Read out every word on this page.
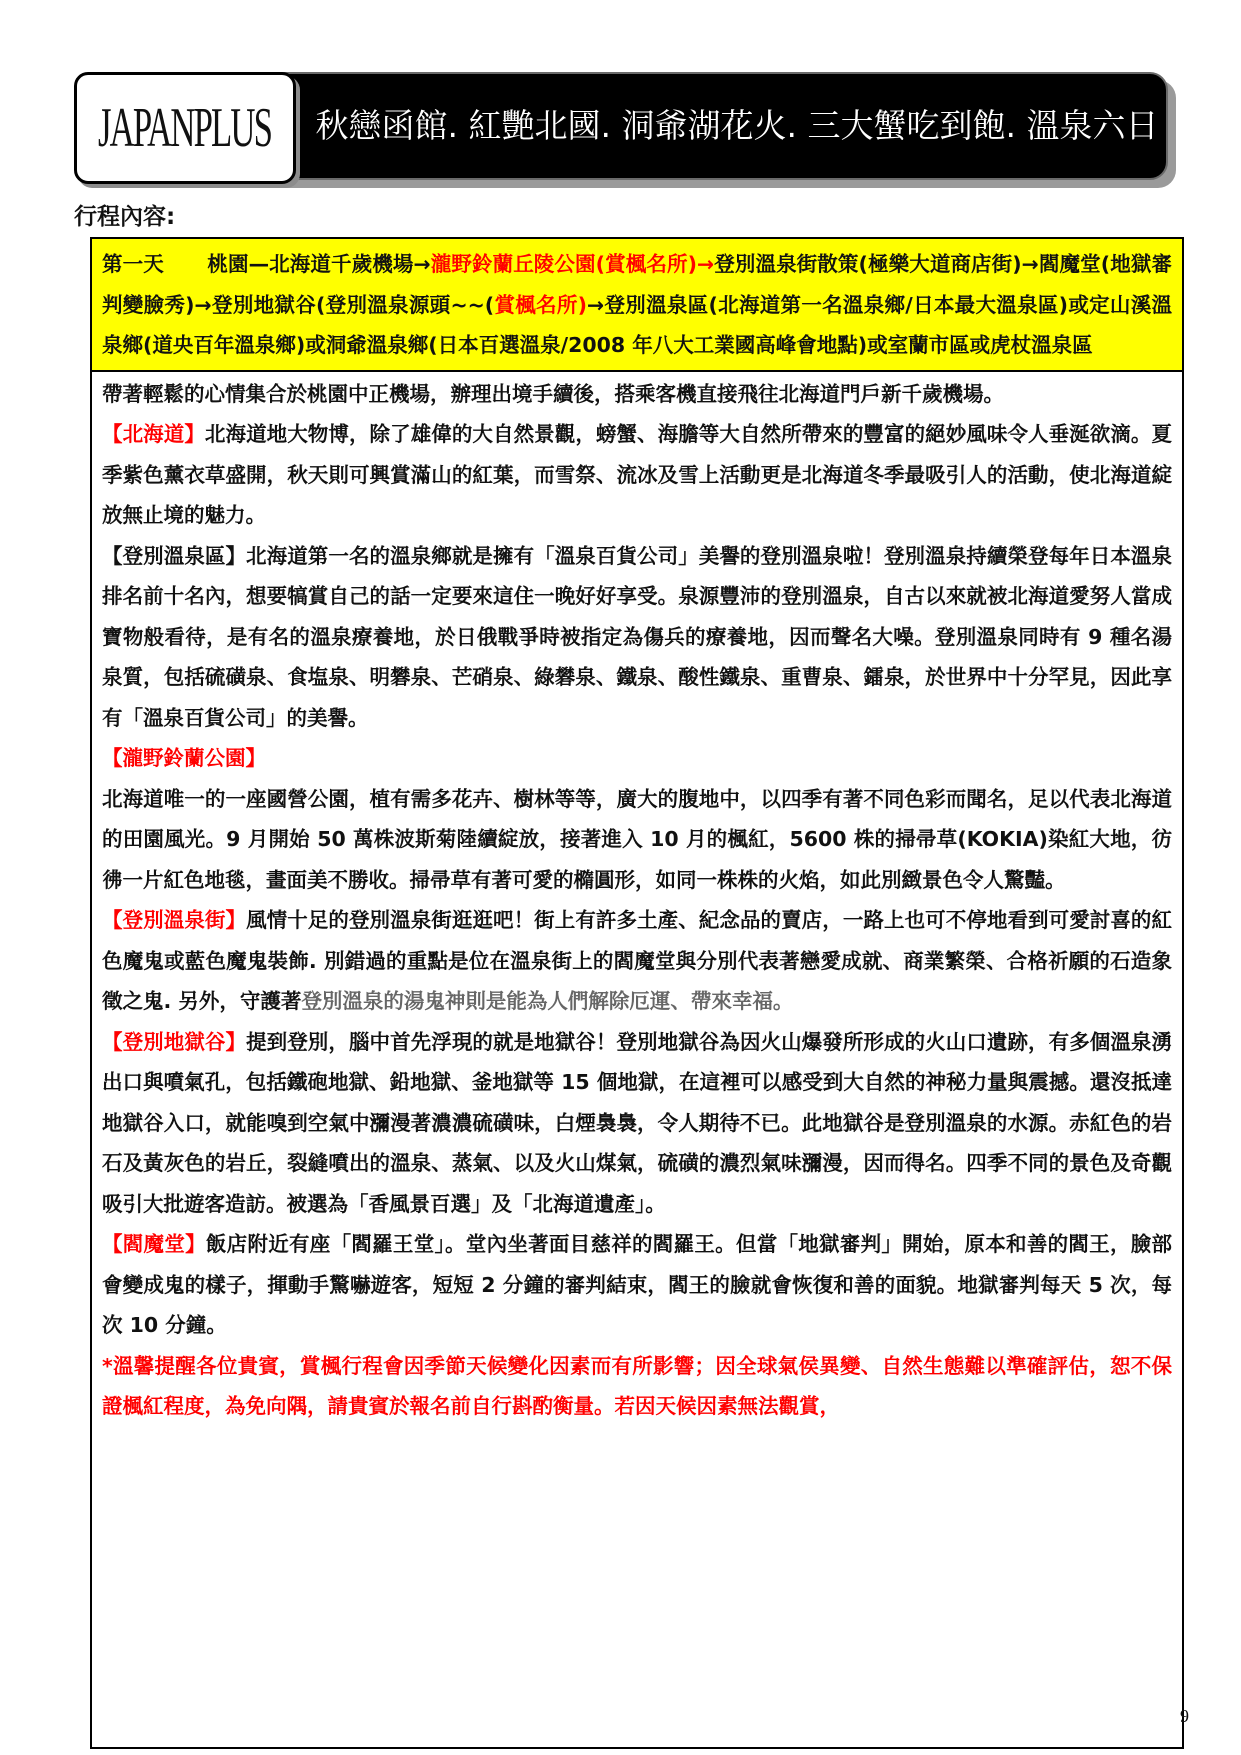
JAPANPLUS 秋戀函館. 紅艷北國. 洞爺湖花火. 三大蟹吃到飽. 溫泉六日
行程內容:
第一天 桃園—北海道千歲機場→瀧野鈴蘭丘陵公園(賞楓名所)→登別溫泉街散策(極樂大道商店街)→閻魔堂(地獄審判變臉秀)→登別地獄谷(登別溫泉源頭~~(賞楓名所)→登別溫泉區(北海道第一名溫泉鄉/日本最大溫泉區)或定山溪溫泉鄉(道央百年溫泉鄉)或洞爺溫泉鄉(日本百選溫泉/2008 年八大工業國高峰會地點)或室蘭市區或虎杖溫泉區

帶著輕鬆的心情集合於桃園中正機場，辦理出境手續後，搭乘客機直接飛往北海道門戶新千歲機場。

【北海道】北海道地大物博，除了雄偉的大自然景觀，螃蟹、海膽等大自然所帶來的豐富的絕妙風味令人垂涎欲滴。夏季紫色薰衣草盛開，秋天則可興賞滿山的紅葉，而雪祭、流冰及雪上活動更是北海道冬季最吸引人的活動，使北海道綻放無止境的魅力。

【登別溫泉區】北海道第一名的溫泉鄉就是擁有「溫泉百貨公司」美譽的登別溫泉啦！登別溫泉持續榮登每年日本溫泉排名前十名內，想要犒賞自己的話一定要來這住一晚好好享受。泉源豐沛的登別溫泉，自古以來就被北海道愛努人當成寶物般看待，是有名的溫泉療養地，於日俄戰爭時被指定為傷兵的療養地，因而聲名大噪。登別溫泉同時有 9 種名湯泉質，包括硫磺泉、食塩泉、明礬泉、芒硝泉、綠礬泉、鐵泉、酸性鐵泉、重曹泉、鐳泉，於世界中十分罕見，因此享有「溫泉百貨公司」的美譽。

【瀧野鈴蘭公園】

北海道唯一的一座國營公園，植有需多花卉、樹林等等，廣大的腹地中，以四季有著不同色彩而聞名，足以代表北海道的田園風光。9 月開始 50 萬株波斯菊陸續綻放，接著進入 10 月的楓紅，5600 株的掃帚草(KOKIA)染紅大地，彷彿一片紅色地毯，畫面美不勝收。掃帚草有著可愛的橢圓形，如同一株株的火焰，如此別緻景色令人驚豔。

【登別溫泉街】風情十足的登別溫泉街逛逛吧！街上有許多土產、紀念品的賣店，一路上也可不停地看到可愛討喜的紅色魔鬼或藍色魔鬼裝飾. 別錯過的重點是位在溫泉街上的閻魔堂與分別代表著戀愛成就、商業繁榮、合格祈願的石造象徵之鬼. 另外，守護著登別溫泉的湯鬼神則是能為人們解除厄運、帶來幸福。

【登別地獄谷】提到登別，腦中首先浮現的就是地獄谷！登別地獄谷為因火山爆發所形成的火山口遺跡，有多個溫泉湧出口與噴氣孔，包括鐵砲地獄、鉛地獄、釜地獄等 15 個地獄，在這裡可以感受到大自然的神秘力量與震撼。還沒抵達地獄谷入口，就能嗅到空氣中瀰漫著濃濃硫磺味，白煙裊裊，令人期待不已。此地獄谷是登別溫泉的水源。赤紅色的岩石及黃灰色的岩丘，裂縫噴出的溫泉、蒸氣、以及火山煤氣，硫磺的濃烈氣味瀰漫，因而得名。四季不同的景色及奇觀吸引大批遊客造訪。被選為「香風景百選」及「北海道遺產」。

【閻魔堂】飯店附近有座「閻羅王堂」。堂內坐著面目慈祥的閻羅王。但當「地獄審判」開始，原本和善的閻王，臉部會變成鬼的樣子，揮動手驚嚇遊客，短短 2 分鐘的審判結束，閻王的臉就會恢復和善的面貌。地獄審判每天 5 次，每次 10 分鐘。

*溫馨提醒各位貴賓，賞楓行程會因季節天候變化因素而有所影響；因全球氣侯異變、自然生態難以準確評估，恕不保證楓紅程度，為免向隅，請貴賓於報名前自行斟酌衡量。若因天候因素無法觀賞，

9
